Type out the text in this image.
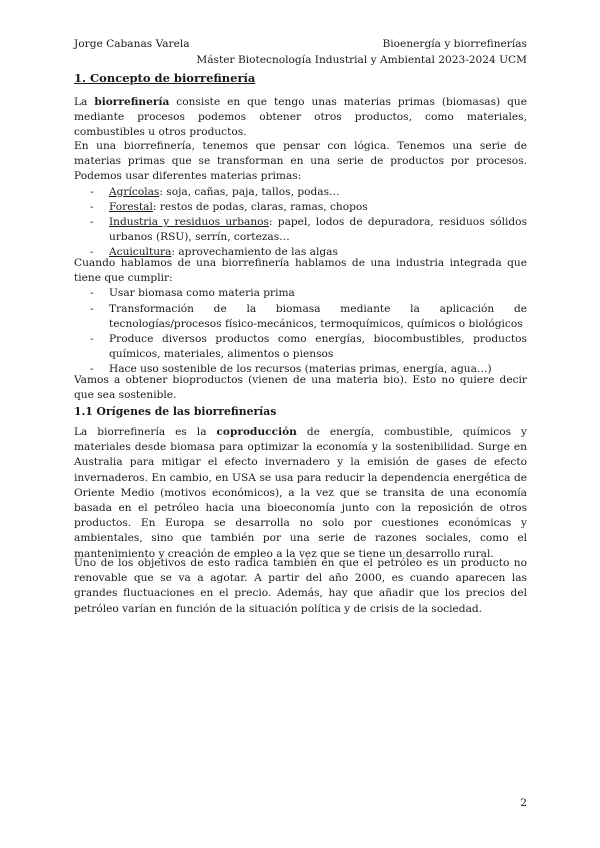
Jorge Cabanas Varela	Bioenergía y biorrefinerías
Máster Biotecnología Industrial y Ambiental 2023-2024 UCM
1. Concepto de biorrefinería

La biorrefinería consiste en que tengo unas materias primas (biomasas) que mediante procesos podemos obtener otros productos, como materiales, combustibles u otros productos.

En una biorrefinería, tenemos que pensar con lógica. Tenemos una serie de materias primas que se transforman en una serie de productos por procesos. Podemos usar diferentes materias primas:

- Agrícolas: soja, cañas, paja, tallos, podas…
- Forestal: restos de podas, claras, ramas, chopos
- Industria y residuos urbanos: papel, lodos de depuradora, residuos sólidos urbanos (RSU), serrín, cortezas…
- Acuicultura: aprovechamiento de las algas

Cuando hablamos de una biorrefinería hablamos de una industria integrada que tiene que cumplir:

- Usar biomasa como materia prima
- Transformación de la biomasa mediante la aplicación de tecnologías/procesos físico-mecánicos, termoquímicos, químicos o biológicos
- Produce diversos productos como energías, biocombustibles, productos químicos, materiales, alimentos o piensos
- Hace uso sostenible de los recursos (materias primas, energía, agua…)

Vamos a obtener bioproductos (vienen de una materia bio). Esto no quiere decir que sea sostenible.

1.1 Orígenes de las biorrefinerías

La biorrefinería es la coproducción de energía, combustible, químicos y materiales desde biomasa para optimizar la economía y la sostenibilidad. Surge en Australia para mitigar el efecto invernadero y la emisión de gases de efecto invernaderos. En cambio, en USA se usa para reducir la dependencia energética de Oriente Medio (motivos económicos), a la vez que se transita de una economía basada en el petróleo hacia una bioeconomía junto con la reposición de otros productos. En Europa se desarrolla no solo por cuestiones económicas y ambientales, sino que también por una serie de razones sociales, como el mantenimiento y creación de empleo a la vez que se tiene un desarrollo rural.

Uno de los objetivos de esto radica también en que el petróleo es un producto no renovable que se va a agotar. A partir del año 2000, es cuando aparecen las grandes fluctuaciones en el precio. Además, hay que añadir que los precios del petróleo varían en función de la situación política y de crisis de la sociedad.

2
